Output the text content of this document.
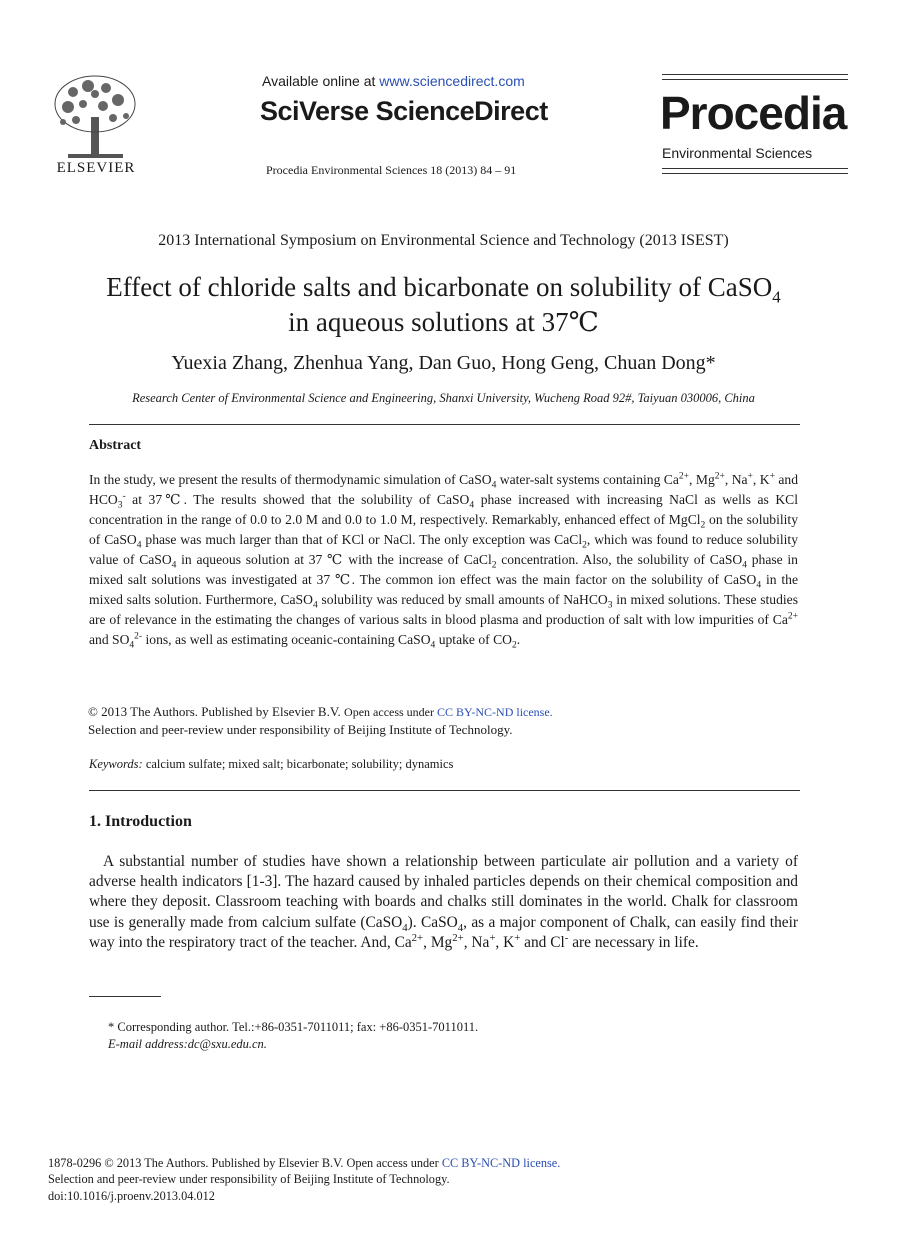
ELSEVIER
Available online at www.sciencedirect.com
SciVerse ScienceDirect
Procedia Environmental Sciences 18 (2013) 84 – 91
Procedia
Environmental Sciences
2013 International Symposium on Environmental Science and Technology (2013 ISEST)
Effect of chloride salts and bicarbonate on solubility of CaSO$_4$
in aqueous solutions at 37℃
Yuexia Zhang, Zhenhua Yang, Dan Guo, Hong Geng, Chuan Dong*
Research Center of Environmental Science and Engineering, Shanxi University, Wucheng Road 92#, Taiyuan 030006, China
Abstract
In the study, we present the results of thermodynamic simulation of CaSO$_4$ water-salt systems containing $Ca^{2+}$, $Mg^{2+}$, Na+, K+ and $HCO_3^-$ at 37℃. The results showed that the solubility of CaSO$_4$ phase increased with increasing NaCl as wells as KCl concentration in the range of 0.0 to 2.0 M and 0.0 to 1.0 M, respectively. Remarkably, enhanced effect of MgCl$_2$ on the solubility of CaSO$_4$ phase was much larger than that of KCl or NaCl. The only exception was CaCl$_2$, which was found to reduce solubility value of CaSO$_4$ in aqueous solution at 37 ℃ with the increase of CaCl$_2$ concentration. Also, the solubility of CaSO$_4$ phase in mixed salt solutions was investigated at 37 ℃. The common ion effect was the main factor on the solubility of CaSO$_4$ in the mixed salts solution. Furthermore, CaSO$_4$ solubility was reduced by small amounts of NaHCO$_3$ in mixed solutions. These studies are of relevance in the estimating the changes of various salts in blood plasma and production of salt with low impurities of $Ca^{2+}$ and $SO_4^{2-}$ ions, as well as estimating oceanic-containing CaSO$_4$ uptake of $CO_2$.
© 2013 The Authors. Published by Elsevier B.V. Open access under CC BY-NC-ND license.
Selection and peer-review under responsibility of Beijing Institute of Technology.
Keywords: calcium sulfate; mixed salt; bicarbonate; solubility; dynamics
1. Introduction
A substantial number of studies have shown a relationship between particulate air pollution and a variety of adverse health indicators [1-3]. The hazard caused by inhaled particles depends on their chemical composition and where they deposit. Classroom teaching with boards and chalks still dominates in the world. Chalk for classroom use is generally made from calcium sulfate (CaSO$_4$). CaSO$_4$, as a major component of Chalk, can easily find their way into the respiratory tract of the teacher. And, $Ca^{2+}$, $Mg^{2+}$, Na+, K+ and Cl- are necessary in life.
* Corresponding author. Tel.:+86-0351-7011011; fax: +86-0351-7011011.
E-mail address:dc@sxu.edu.cn.
1878-0296 © 2013 The Authors. Published by Elsevier B.V. Open access under CC BY-NC-ND license.
Selection and peer-review under responsibility of Beijing Institute of Technology.
doi:10.1016/j.proenv.2013.04.012
